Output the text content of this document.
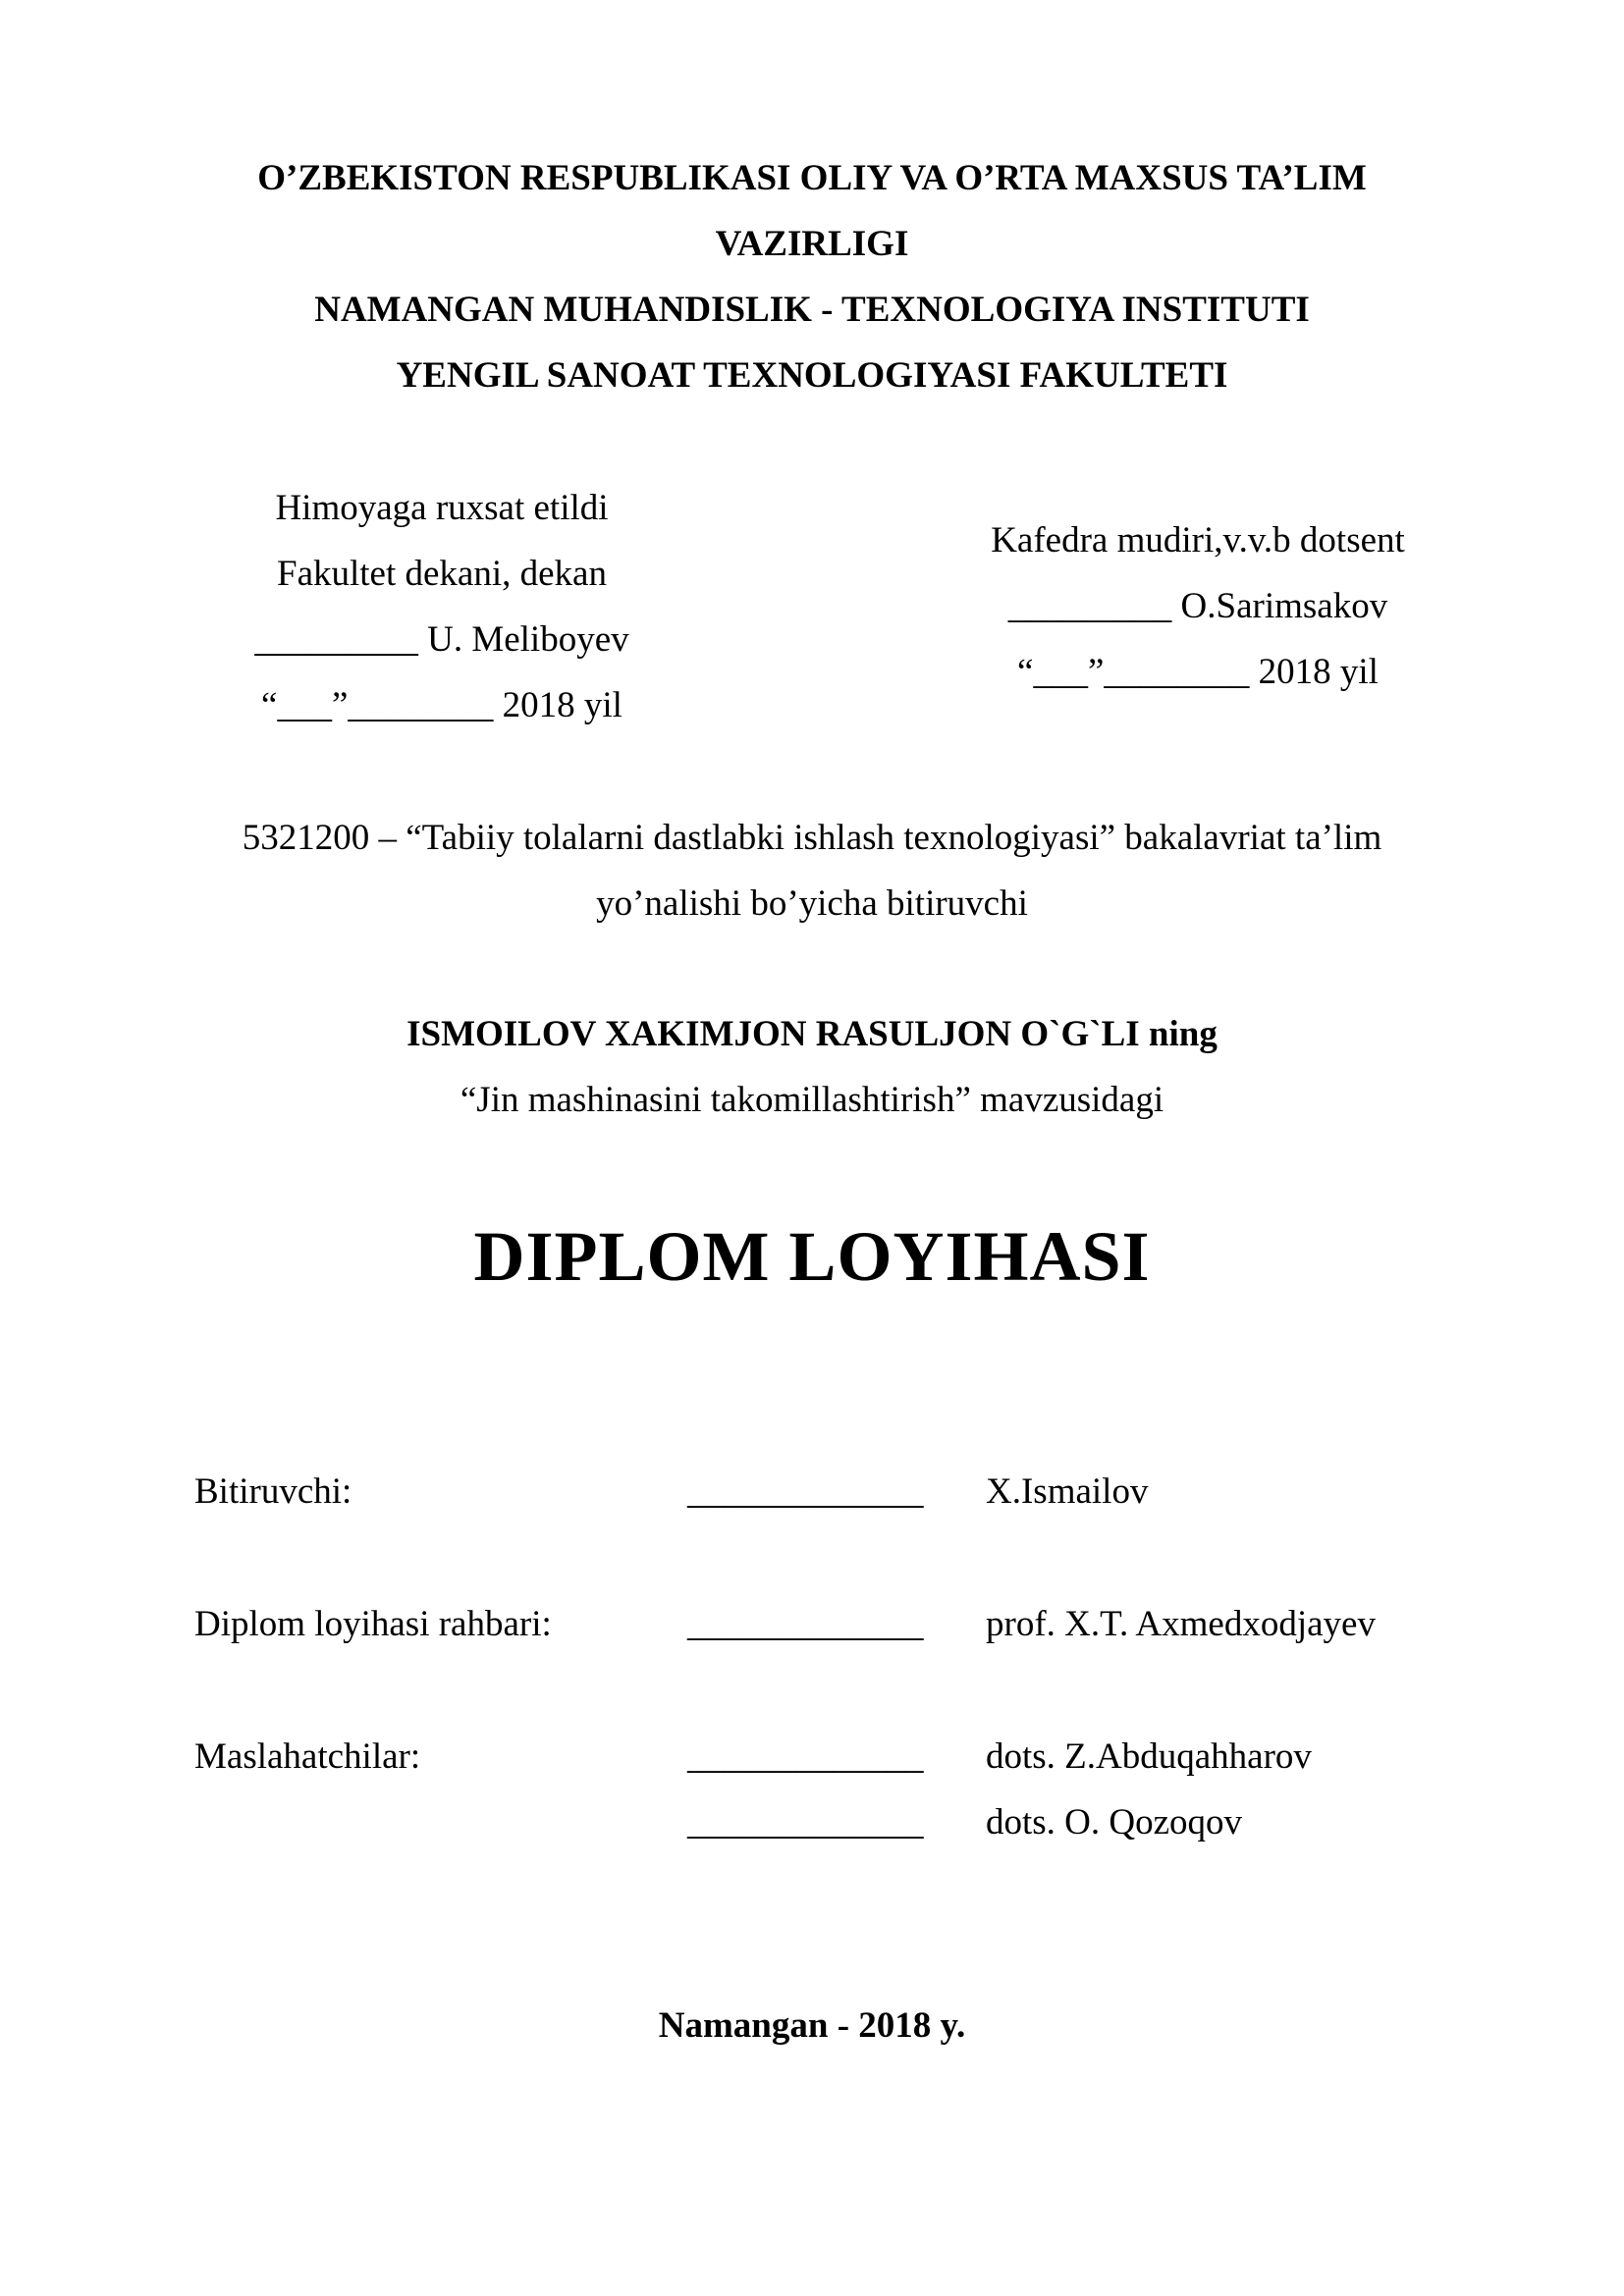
O’ZBEKISTON RESPUBLIKASI OLIY VA O’RTA MAXSUS TA’LIM
VAZIRLIGI
NAMANGAN MUHANDISLIK - TEXNOLOGIYA INSTITUTI
YENGIL SANOAT TEXNOLOGIYASI FAKULTETI
Himoyaga ruxsat etildi
Fakultet dekani, dekan
_________ U. Meliboyev
“___”________ 2018 yil
Kafedra mudiri,v.v.b dotsent
_________ O.Sarimsakov
“___”________ 2018 yil
5321200 – “Tabiiy tolalarni dastlabki ishlash texnologiyasi” bakalavriat ta’lim
yo’nalishi bo’yicha bitiruvchi
ISMOILOV XAKIMJON RASULJON O`G`LI ning
“Jin mashinasini takomillashtirish” mavzusidagi
DIPLOM LOYIHASI
Bitiruvchi:	_____________ X.Ismailov
Diplom loyihasi rahbari:	_____________ prof. X.T. Axmedxodjayev
Maslahatchilar:	_____________ dots. Z.Abduqahharov
_____________ dots. O. Qozoqov
Namangan - 2018 y.
